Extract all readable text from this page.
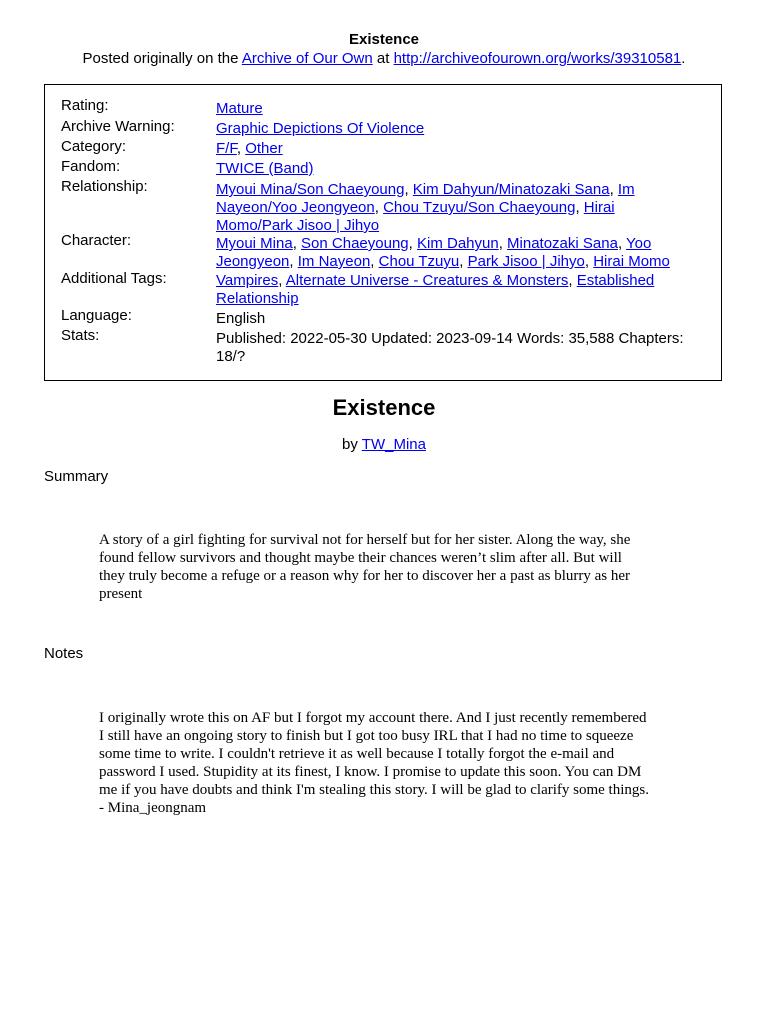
Existence
Posted originally on the Archive of Our Own at http://archiveofourown.org/works/39310581.
Rating:	Mature
Archive Warning:	Graphic Depictions Of Violence
Category:	F/F, Other
Fandom:	TWICE (Band)
Relationship:	Myoui Mina/Son Chaeyoung, Kim Dahyun/Minatozaki Sana, Im
Nayeon/Yoo Jeongyeon, Chou Tzuyu/Son Chaeyoung, Hirai
Momo/Park Jisoo | Jihyo
Character:	Myoui Mina, Son Chaeyoung, Kim Dahyun, Minatozaki Sana, Yoo
Jeongyeon, Im Nayeon, Chou Tzuyu, Park Jisoo | Jihyo, Hirai Momo
Additional Tags:	Vampires, Alternate Universe - Creatures & Monsters, Established
Relationship
Language:	English
Stats:	Published: 2022-05-30 Updated: 2023-09-14 Words: 35,588 Chapters:
18/?
Existence
by TW_Mina
Summary
A story of a girl fighting for survival not for herself but for her sister. Along the way, she
found fellow survivors and thought maybe their chances weren’t slim after all. But will
they truly become a refuge or a reason why for her to discover her a past as blurry as her
present
Notes
I originally wrote this on AF but I forgot my account there. And I just recently remembered
I still have an ongoing story to finish but I got too busy IRL that I had no time to squeeze
some time to write. I couldn't retrieve it as well because I totally forgot the e-mail and
password I used. Stupidity at its finest, I know. I promise to update this soon. You can DM
me if you have doubts and think I'm stealing this story. I will be glad to clarify some things.
- Mina_jeongnam
